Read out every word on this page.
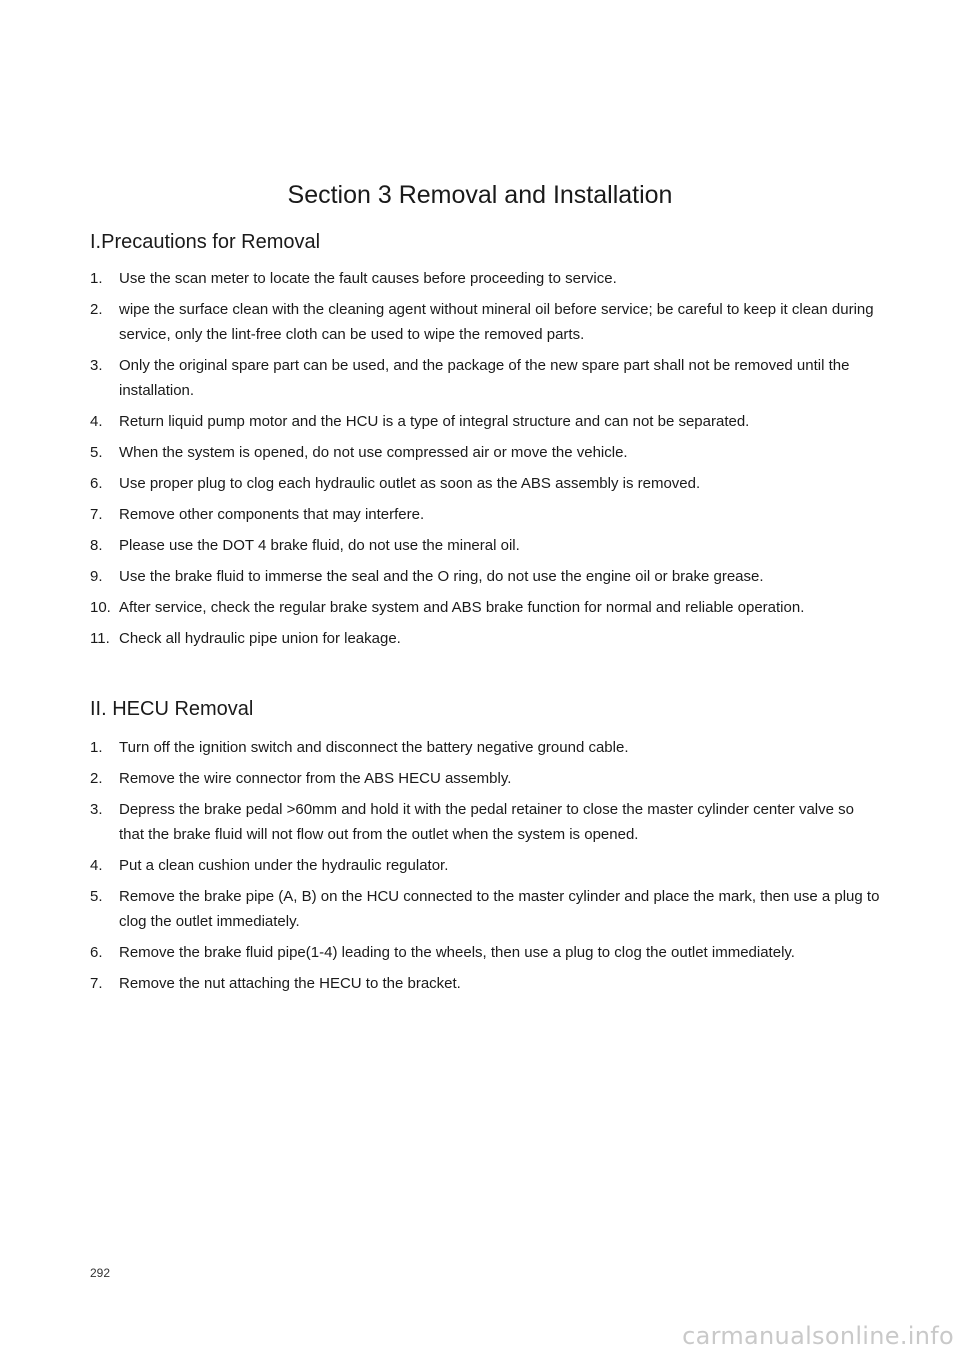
Section 3 Removal and Installation
I.Precautions for Removal
1. Use the scan meter to locate the fault causes before proceeding to service.
2. wipe the surface clean with the cleaning agent without mineral oil before service; be careful to keep it clean during service, only the lint-free cloth can be used to wipe the removed parts.
3. Only the original spare part can be used, and the package of the new spare part shall not be removed until the installation.
4. Return liquid pump motor and the HCU is a type of integral structure and can not be separated.
5. When the system is opened, do not use compressed air or move the vehicle.
6. Use proper plug to clog each hydraulic outlet as soon as the ABS assembly is removed.
7. Remove other components that may interfere.
8. Please use the DOT 4 brake fluid, do not use the mineral oil.
9. Use the brake fluid to immerse the seal and the O ring, do not use the engine oil or brake grease.
10. After service, check the regular brake system and ABS brake function for normal and reliable operation.
11. Check all hydraulic pipe union for leakage.
II. HECU Removal
1. Turn off the ignition switch and disconnect the battery negative ground cable.
2. Remove the wire connector from the ABS HECU assembly.
3. Depress the brake pedal >60mm and hold it with the pedal retainer to close the master cylinder center valve so that the brake fluid will not flow out from the outlet when the system is opened.
4. Put a clean cushion under the hydraulic regulator.
5. Remove the brake pipe (A, B) on the HCU connected to the master cylinder and place the mark, then use a plug to clog the outlet immediately.
6. Remove the brake fluid pipe(1-4) leading to the wheels, then use a plug to clog the outlet immediately.
7. Remove the nut attaching the HECU to the bracket.
292
carmanualsonline.info
